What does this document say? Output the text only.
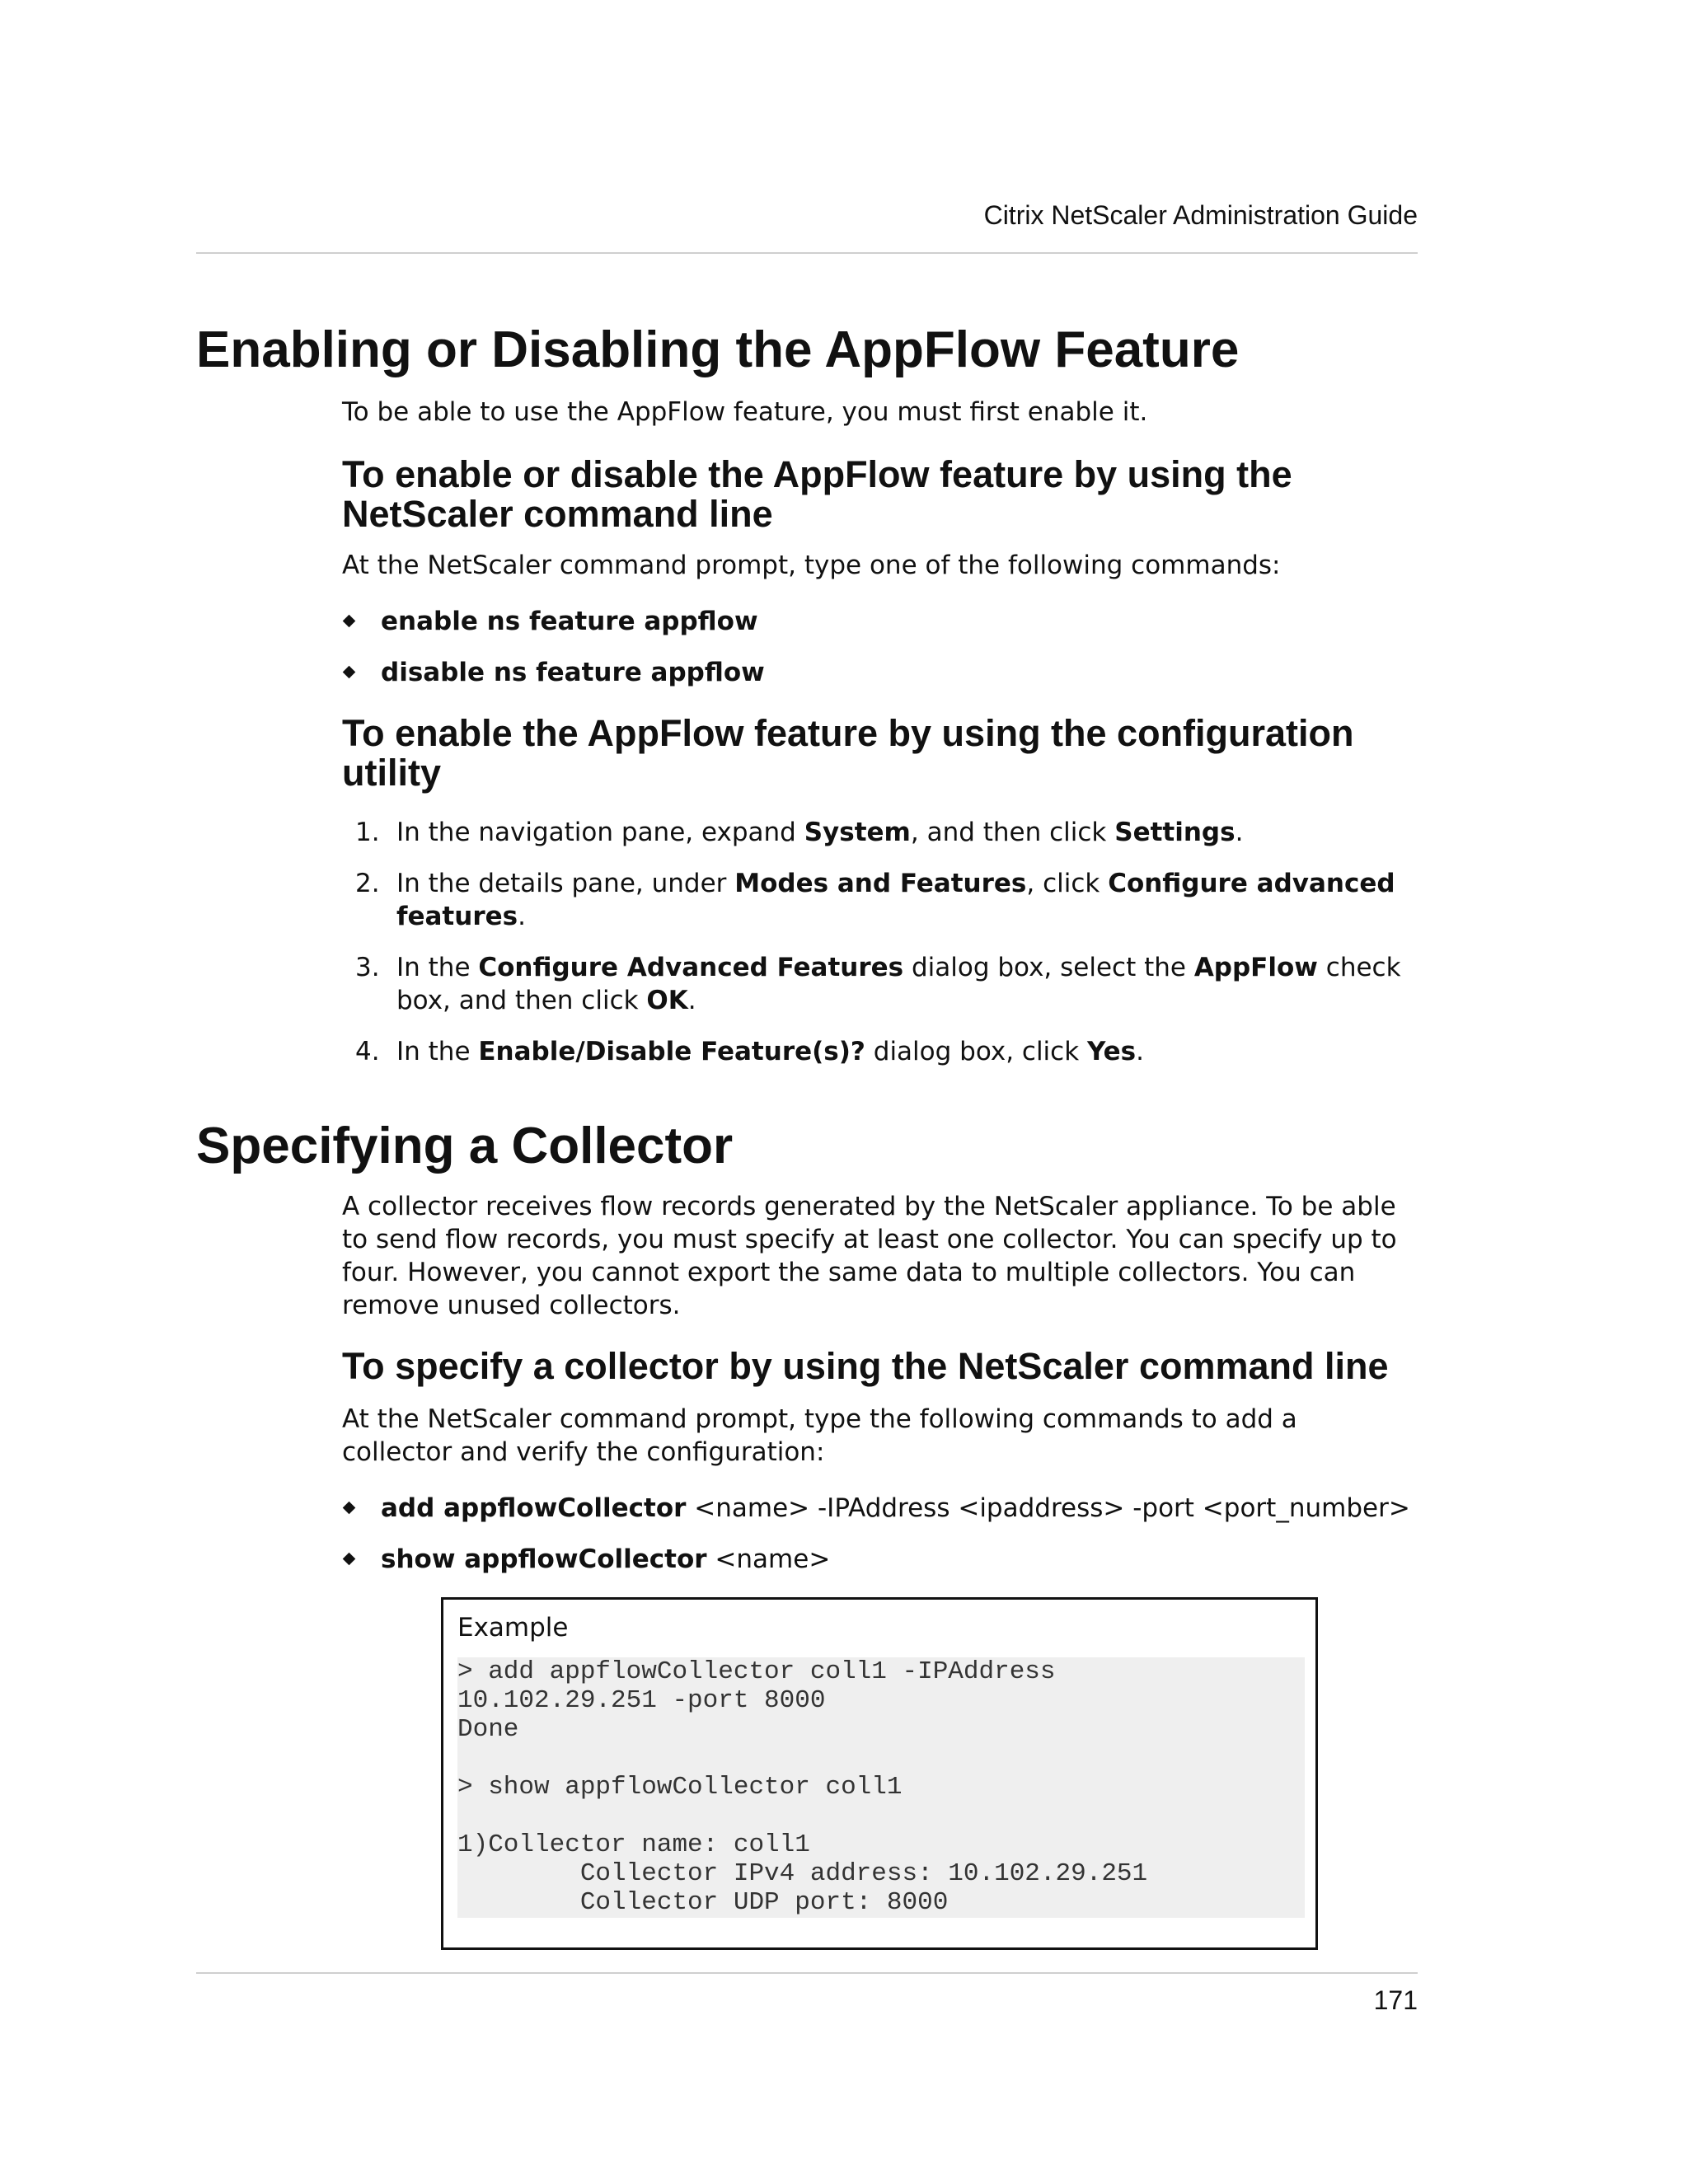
Citrix NetScaler Administration Guide
Enabling or Disabling the AppFlow Feature

To be able to use the AppFlow feature, you must first enable it.

To enable or disable the AppFlow feature by using the NetScaler command line

At the NetScaler command prompt, type one of the following commands:

enable ns feature appflow
disable ns feature appflow
To enable the AppFlow feature by using the configuration utility
1. In the navigation pane, expand System, and then click Settings.
2. In the details pane, under Modes and Features, click Configure advanced features.
3. In the Configure Advanced Features dialog box, select the AppFlow check box, and then click OK.
4. In the Enable/Disable Feature(s)? dialog box, click Yes.
Specifying a Collector

A collector receives flow records generated by the NetScaler appliance. To be able to send flow records, you must specify at least one collector. You can specify up to four. However, you cannot export the same data to multiple collectors. You can remove unused collectors.

To specify a collector by using the NetScaler command line

At the NetScaler command prompt, type the following commands to add a collector and verify the configuration:

add appflowCollector <name> -IPAddress <ipaddress> -port <port_number>
show appflowCollector <name>
Example
> add appflowCollector coll1 -IPAddress
10.102.29.251 -port 8000
Done

> show appflowCollector coll1

1)Collector name: coll1
Collector IPv4 address: 10.102.29.251
Collector UDP port: 8000
171
